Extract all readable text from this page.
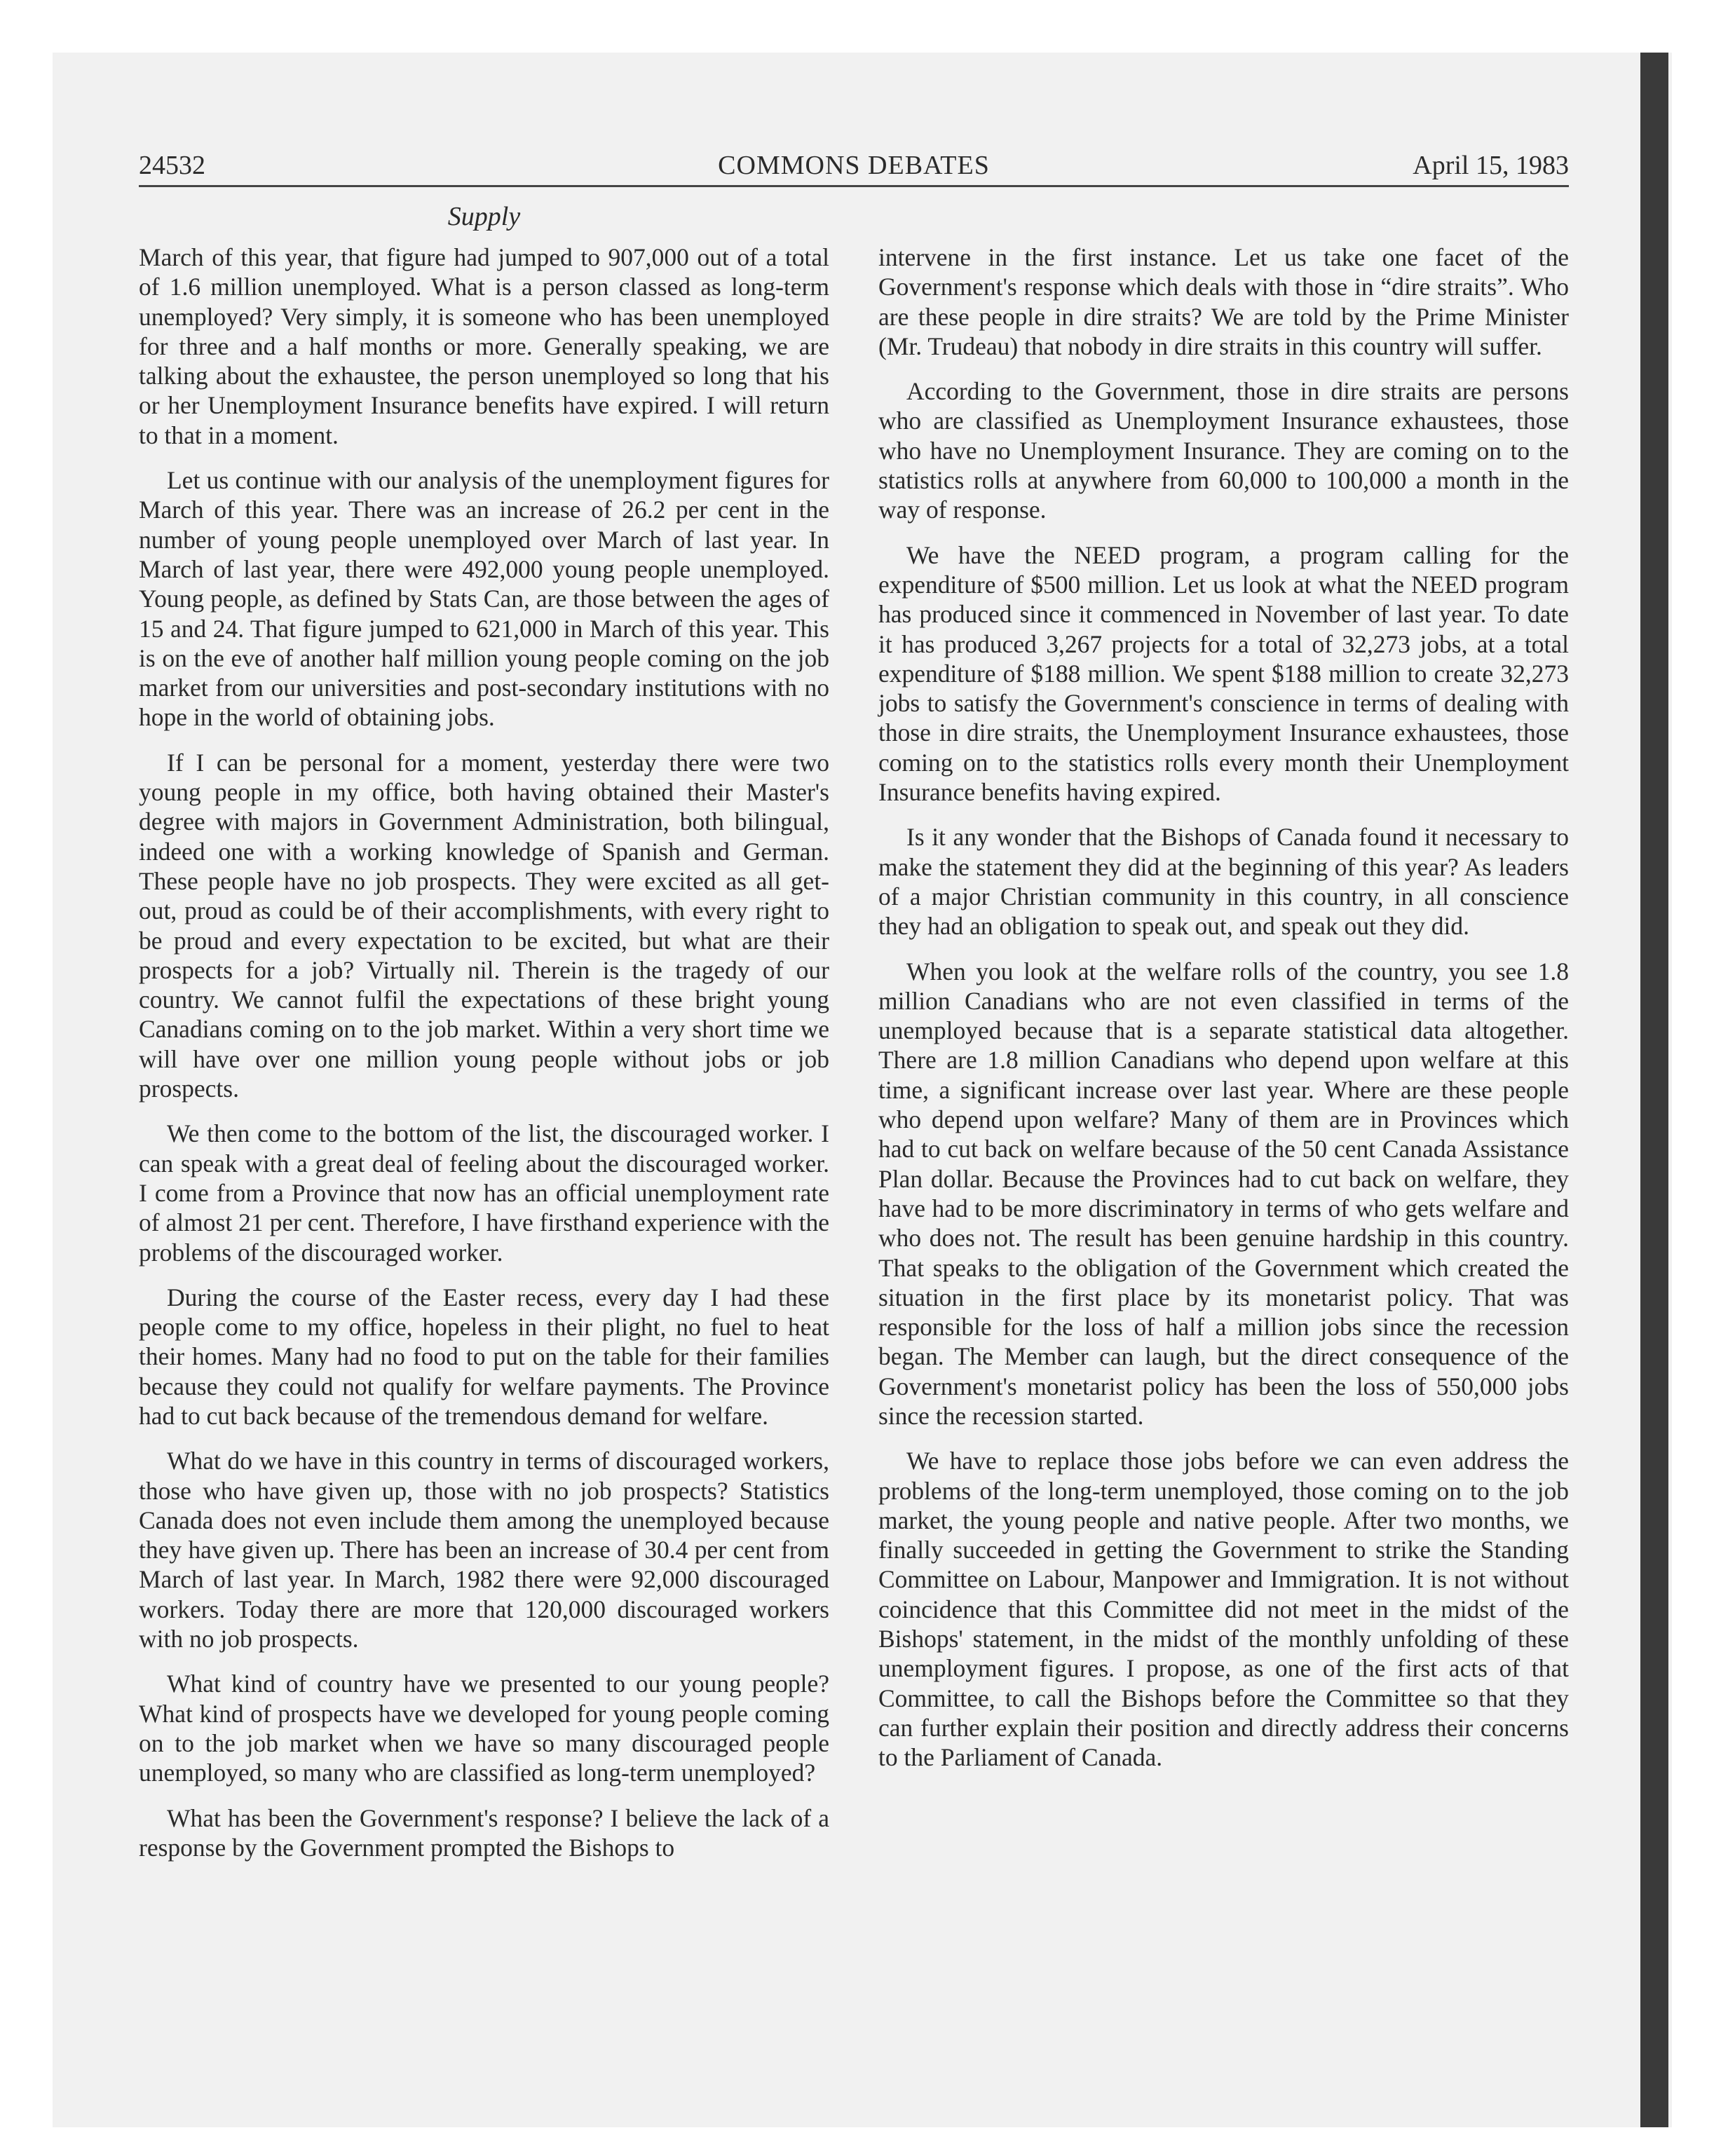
24532	COMMONS DEBATES	April 15, 1983
Supply

March of this year, that figure had jumped to 907,000 out of a total of 1.6 million unemployed. What is a person classed as long-term unemployed? Very simply, it is someone who has been unemployed for three and a half months or more. Generally speaking, we are talking about the exhaustee, the person unemployed so long that his or her Unemployment Insurance benefits have expired. I will return to that in a moment.

Let us continue with our analysis of the unemployment figures for March of this year. There was an increase of 26.2 per cent in the number of young people unemployed over March of last year. In March of last year, there were 492,000 young people unemployed. Young people, as defined by Stats Can, are those between the ages of 15 and 24. That figure jumped to 621,000 in March of this year. This is on the eve of another half million young people coming on the job market from our universities and post-secondary institutions with no hope in the world of obtaining jobs.

If I can be personal for a moment, yesterday there were two young people in my office, both having obtained their Master's degree with majors in Government Administration, both bilingual, indeed one with a working knowledge of Spanish and German. These people have no job prospects. They were excited as all get-out, proud as could be of their accomplishments, with every right to be proud and every expectation to be excited, but what are their prospects for a job? Virtually nil. Therein is the tragedy of our country. We cannot fulfil the expectations of these bright young Canadians coming on to the job market. Within a very short time we will have over one million young people without jobs or job prospects.

We then come to the bottom of the list, the discouraged worker. I can speak with a great deal of feeling about the discouraged worker. I come from a Province that now has an official unemployment rate of almost 21 per cent. Therefore, I have firsthand experience with the problems of the discouraged worker.

During the course of the Easter recess, every day I had these people come to my office, hopeless in their plight, no fuel to heat their homes. Many had no food to put on the table for their families because they could not qualify for welfare payments. The Province had to cut back because of the tremendous demand for welfare.

What do we have in this country in terms of discouraged workers, those who have given up, those with no job prospects? Statistics Canada does not even include them among the unemployed because they have given up. There has been an increase of 30.4 per cent from March of last year. In March, 1982 there were 92,000 discouraged workers. Today there are more that 120,000 discouraged workers with no job prospects.

What kind of country have we presented to our young people? What kind of prospects have we developed for young people coming on to the job market when we have so many discouraged people unemployed, so many who are classified as long-term unemployed?

What has been the Government's response? I believe the lack of a response by the Government prompted the Bishops to

intervene in the first instance. Let us take one facet of the Government's response which deals with those in “dire straits”. Who are these people in dire straits? We are told by the Prime Minister (Mr. Trudeau) that nobody in dire straits in this country will suffer.

According to the Government, those in dire straits are persons who are classified as Unemployment Insurance exhaustees, those who have no Unemployment Insurance. They are coming on to the statistics rolls at anywhere from 60,000 to 100,000 a month in the way of response.

We have the NEED program, a program calling for the expenditure of $500 million. Let us look at what the NEED program has produced since it commenced in November of last year. To date it has produced 3,267 projects for a total of 32,273 jobs, at a total expenditure of $188 million. We spent $188 million to create 32,273 jobs to satisfy the Government's conscience in terms of dealing with those in dire straits, the Unemployment Insurance exhaustees, those coming on to the statistics rolls every month their Unemployment Insurance benefits having expired.

Is it any wonder that the Bishops of Canada found it necessary to make the statement they did at the beginning of this year? As leaders of a major Christian community in this country, in all conscience they had an obligation to speak out, and speak out they did.

When you look at the welfare rolls of the country, you see 1.8 million Canadians who are not even classified in terms of the unemployed because that is a separate statistical data altogether. There are 1.8 million Canadians who depend upon welfare at this time, a significant increase over last year. Where are these people who depend upon welfare? Many of them are in Provinces which had to cut back on welfare because of the 50 cent Canada Assistance Plan dollar. Because the Provinces had to cut back on welfare, they have had to be more discriminatory in terms of who gets welfare and who does not. The result has been genuine hardship in this country. That speaks to the obligation of the Government which created the situation in the first place by its monetarist policy. That was responsible for the loss of half a million jobs since the recession began. The Member can laugh, but the direct consequence of the Government's monetarist policy has been the loss of 550,000 jobs since the recession started.

We have to replace those jobs before we can even address the problems of the long-term unemployed, those coming on to the job market, the young people and native people. After two months, we finally succeeded in getting the Government to strike the Standing Committee on Labour, Manpower and Immigration. It is not without coincidence that this Committee did not meet in the midst of the Bishops' statement, in the midst of the monthly unfolding of these unemployment figures. I propose, as one of the first acts of that Committee, to call the Bishops before the Committee so that they can further explain their position and directly address their concerns to the Parliament of Canada.
